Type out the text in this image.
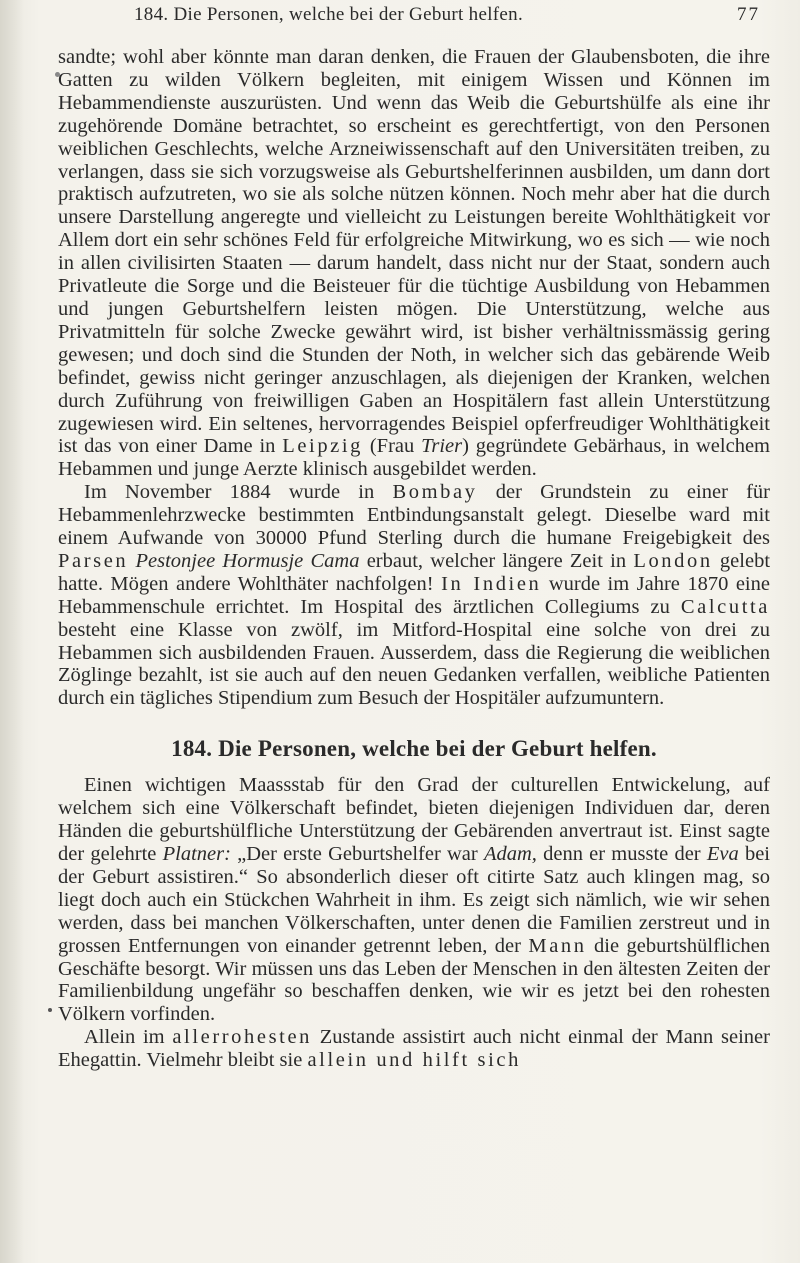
184. Die Personen, welche bei der Geburt helfen.	77

sandte; wohl aber könnte man daran denken, die Frauen der Glaubensboten, die ihre Gatten zu wilden Völkern begleiten, mit einigem Wissen und Können im Hebammendienste auszurüsten. Und wenn das Weib die Geburtshülfe als eine ihr zugehörende Domäne betrachtet, so erscheint es gerechtfertigt, von den Personen weiblichen Geschlechts, welche Arzneiwissenschaft auf den Universitäten treiben, zu verlangen, dass sie sich vorzugsweise als Geburtshelferinnen ausbilden, um dann dort praktisch aufzutreten, wo sie als solche nützen können. Noch mehr aber hat die durch unsere Darstellung angeregte und vielleicht zu Leistungen bereite Wohlthätigkeit vor Allem dort ein sehr schönes Feld für erfolgreiche Mitwirkung, wo es sich — wie noch in allen civilisirten Staaten — darum handelt, dass nicht nur der Staat, sondern auch Privatleute die Sorge und die Beisteuer für die tüchtige Ausbildung von Hebammen und jungen Geburtshelfern leisten mögen. Die Unterstützung, welche aus Privatmitteln für solche Zwecke gewährt wird, ist bisher verhältnissmässig gering gewesen; und doch sind die Stunden der Noth, in welcher sich das gebärende Weib befindet, gewiss nicht geringer anzuschlagen, als diejenigen der Kranken, welchen durch Zuführung von freiwilligen Gaben an Hospitälern fast allein Unterstützung zugewiesen wird. Ein seltenes, hervorragendes Beispiel opferfreudiger Wohlthätigkeit ist das von einer Dame in Leipzig (Frau Trier) gegründete Gebärhaus, in welchem Hebammen und junge Aerzte klinisch ausgebildet werden.

Im November 1884 wurde in Bombay der Grundstein zu einer für Hebammenlehrzwecke bestimmten Entbindungsanstalt gelegt. Dieselbe ward mit einem Aufwande von 30000 Pfund Sterling durch die humane Freigebigkeit des Parsen Pestonjee Hormusje Cama erbaut, welcher längere Zeit in London gelebt hatte. Mögen andere Wohlthäter nachfolgen! In Indien wurde im Jahre 1870 eine Hebammenschule errichtet. Im Hospital des ärztlichen Collegiums zu Calcutta besteht eine Klasse von zwölf, im Mitford-Hospital eine solche von drei zu Hebammen sich ausbildenden Frauen. Ausserdem, dass die Regierung die weiblichen Zöglinge bezahlt, ist sie auch auf den neuen Gedanken verfallen, weibliche Patienten durch ein tägliches Stipendium zum Besuch der Hospitäler aufzumuntern.

184. Die Personen, welche bei der Geburt helfen.

Einen wichtigen Maassstab für den Grad der culturellen Entwickelung, auf welchem sich eine Völkerschaft befindet, bieten diejenigen Individuen dar, deren Händen die geburtshülfliche Unterstützung der Gebärenden anvertraut ist. Einst sagte der gelehrte Platner: „Der erste Geburtshelfer war Adam, denn er musste der Eva bei der Geburt assistiren.“ So absonderlich dieser oft citirte Satz auch klingen mag, so liegt doch auch ein Stückchen Wahrheit in ihm. Es zeigt sich nämlich, wie wir sehen werden, dass bei manchen Völkerschaften, unter denen die Familien zerstreut und in grossen Entfernungen von einander getrennt leben, der Mann die geburtshülflichen Geschäfte besorgt. Wir müssen uns das Leben der Menschen in den ältesten Zeiten der Familienbildung ungefähr so beschaffen denken, wie wir es jetzt bei den rohesten Völkern vorfinden.

Allein im allerrohesten Zustande assistirt auch nicht einmal der Mann seiner Ehegattin. Vielmehr bleibt sie allein und hilft sich
